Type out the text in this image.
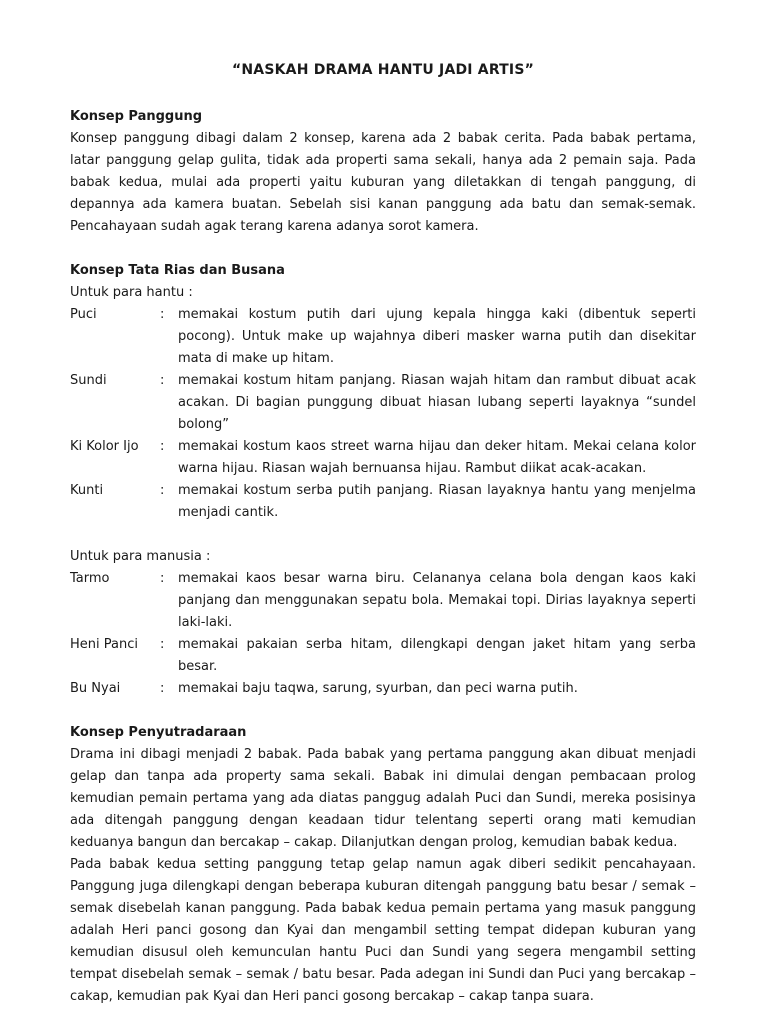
“NASKAH DRAMA HANTU JADI ARTIS”

Konsep Panggung

Konsep panggung dibagi dalam 2 konsep, karena ada 2 babak cerita. Pada babak pertama, latar panggung gelap gulita, tidak ada properti sama sekali, hanya ada 2 pemain saja. Pada babak kedua, mulai ada properti yaitu kuburan yang diletakkan di tengah panggung, di depannya ada kamera buatan. Sebelah sisi kanan panggung ada batu dan semak-semak. Pencahayaan sudah agak terang karena adanya sorot kamera.

Konsep Tata Rias dan Busana

Untuk para hantu :

Puci	:	memakai kostum putih dari ujung kepala hingga kaki (dibentuk seperti pocong). Untuk make up wajahnya diberi masker warna putih dan disekitar mata di make up hitam.
Sundi	:	memakai kostum hitam panjang. Riasan wajah hitam dan rambut dibuat acak acakan. Di bagian punggung dibuat hiasan lubang seperti layaknya “sundel bolong”
Ki Kolor Ijo	:	memakai kostum kaos street warna hijau dan deker hitam. Mekai celana kolor warna hijau. Riasan wajah bernuansa hijau. Rambut diikat acak-acakan.
Kunti	:	memakai kostum serba putih panjang. Riasan layaknya hantu yang menjelma menjadi cantik.

Untuk para manusia :

Tarmo	:	memakai kaos besar warna biru. Celananya celana bola dengan kaos kaki panjang dan menggunakan sepatu bola. Memakai topi. Dirias layaknya seperti laki-laki.
Heni Panci	:	memakai pakaian serba hitam, dilengkapi dengan jaket hitam yang serba besar.
Bu Nyai	:	memakai baju taqwa, sarung, syurban, dan peci warna putih.

Konsep Penyutradaraan

Drama ini dibagi menjadi 2 babak. Pada babak yang pertama panggung akan dibuat menjadi gelap dan tanpa ada property sama sekali. Babak ini dimulai dengan pembacaan prolog kemudian pemain pertama yang ada diatas panggug adalah Puci dan Sundi, mereka posisinya ada ditengah panggung dengan keadaan tidur telentang seperti orang mati kemudian keduanya bangun dan bercakap – cakap. Dilanjutkan dengan prolog, kemudian babak kedua.

Pada babak kedua setting panggung tetap gelap namun agak diberi sedikit pencahayaan. Panggung juga dilengkapi dengan beberapa kuburan ditengah panggung batu besar / semak – semak disebelah kanan panggung. Pada babak kedua pemain pertama yang masuk panggung adalah Heri panci gosong dan Kyai dan mengambil setting tempat didepan kuburan yang kemudian disusul oleh kemunculan hantu Puci dan Sundi yang segera mengambil setting tempat disebelah semak – semak / batu besar. Pada adegan ini Sundi dan Puci yang bercakap – cakap, kemudian pak Kyai dan Heri panci gosong bercakap – cakap tanpa suara.
